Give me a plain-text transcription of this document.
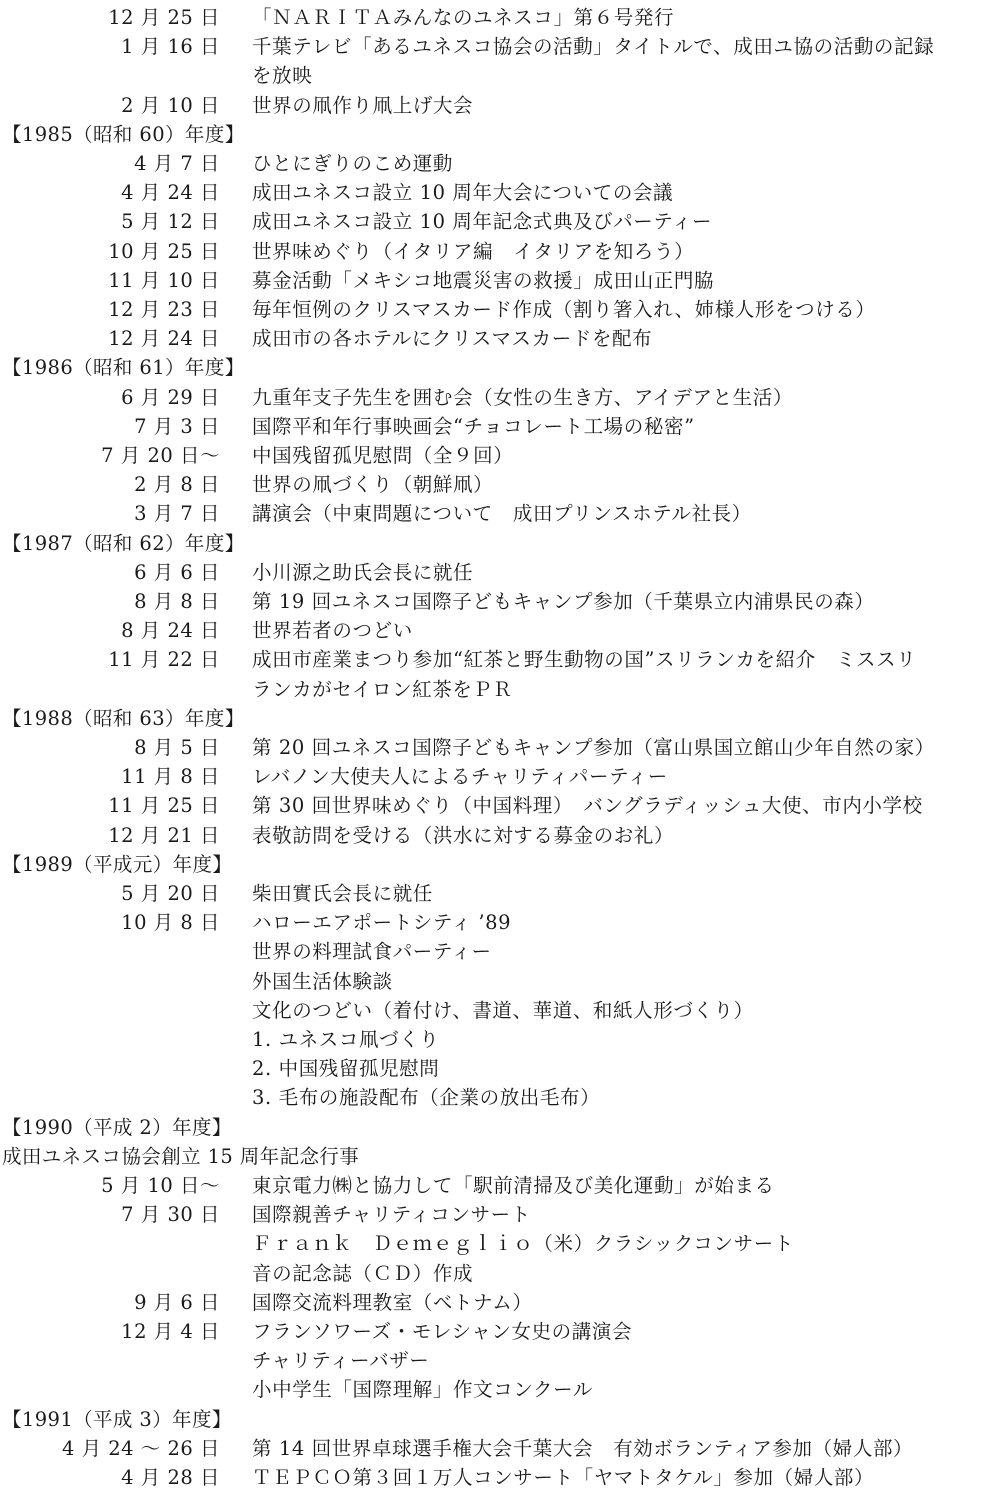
12 月 25 日 「ＮＡＲＩＴＡみんなのユネスコ」第６号発行
1 月 16 日 千葉テレビ「あるユネスコ協会の活動」タイトルで、成田ユ協の活動の記録
を放映
2 月 10 日 世界の凧作り凧上げ大会
【1985（昭和 60）年度】
4 月 7 日 ひとにぎりのこめ運動
4 月 24 日 成田ユネスコ設立 10 周年大会についての会議
5 月 12 日 成田ユネスコ設立 10 周年記念式典及びパーティー
10 月 25 日 世界味めぐり（イタリア編　イタリアを知ろう）
11 月 10 日 募金活動「メキシコ地震災害の救援」成田山正門脇
12 月 23 日 毎年恒例のクリスマスカード作成（割り箸入れ、姉様人形をつける）
12 月 24 日 成田市の各ホテルにクリスマスカードを配布
【1986（昭和 61）年度】
6 月 29 日 九重年支子先生を囲む会（女性の生き方、アイデアと生活）
7 月 3 日 国際平和年行事映画会“チョコレート工場の秘密”
7 月 20 日～ 中国残留孤児慰問（全９回）
2 月 8 日 世界の凧づくり（朝鮮凧）
3 月 7 日 講演会（中東問題について　成田プリンスホテル社長）
【1987（昭和 62）年度】
6 月 6 日 小川源之助氏会長に就任
8 月 8 日 第 19 回ユネスコ国際子どもキャンプ参加（千葉県立内浦県民の森）
8 月 24 日 世界若者のつどい
11 月 22 日 成田市産業まつり参加“紅茶と野生動物の国”スリランカを紹介　ミススリ
ランカがセイロン紅茶をＰＲ
【1988（昭和 63）年度】
8 月 5 日 第 20 回ユネスコ国際子どもキャンプ参加（富山県国立館山少年自然の家）
11 月 8 日 レバノン大使夫人によるチャリティパーティー
11 月 25 日 第 30 回世界味めぐり（中国料理）　バングラディッシュ大使、市内小学校
12 月 21 日 表敬訪問を受ける（洪水に対する募金のお礼）
【1989（平成元）年度】
5 月 20 日 柴田實氏会長に就任
10 月 8 日 ハローエアポートシティ ’89
世界の料理試食パーティー
外国生活体験談
文化のつどい（着付け、書道、華道、和紙人形づくり）
1. ユネスコ凧づくり
2. 中国残留孤児慰問
3. 毛布の施設配布（企業の放出毛布）
【1990（平成 2）年度】
成田ユネスコ協会創立 15 周年記念行事
5 月 10 日～ 東京電力㈱と協力して「駅前清掃及び美化運動」が始まる
7 月 30 日 国際親善チャリティコンサート
Ｆｒａｎｋ　Ｄｅｍｅｇｌｉｏ（米）クラシックコンサート
音の記念誌（ＣＤ）作成
9 月 6 日 国際交流料理教室（ベトナム）
12 月 4 日 フランソワーズ・モレシャン女史の講演会
チャリティーバザー
小中学生「国際理解」作文コンクール
【1991（平成 3）年度】
4 月 24 ～ 26 日 第 14 回世界卓球選手権大会千葉大会　有効ボランティア参加（婦人部）
4 月 28 日 ＴＥＰＣＯ第３回１万人コンサート「ヤマトタケル」参加（婦人部）
